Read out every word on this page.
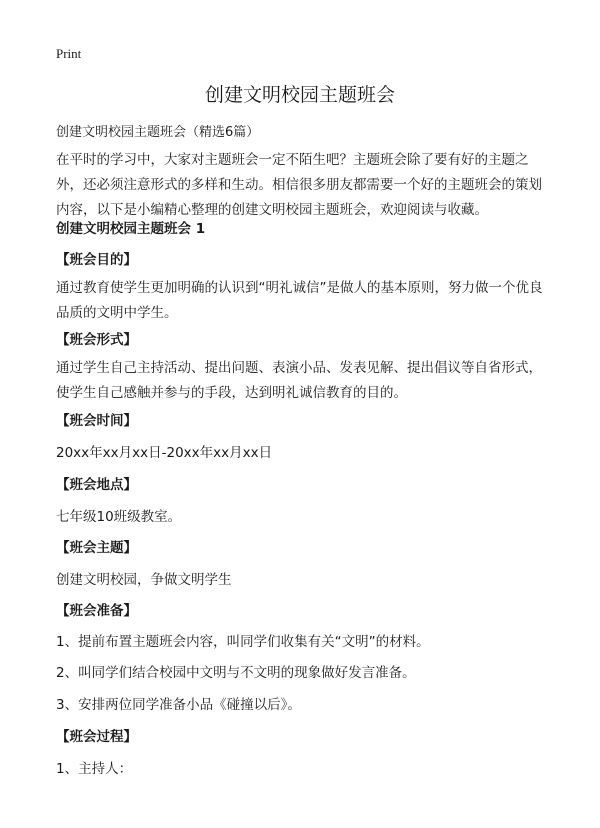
Print
创建文明校园主题班会
创建文明校园主题班会（精选6篇）
在平时的学习中，大家对主题班会一定不陌生吧？主题班会除了要有好的主题之外，还必须注意形式的多样和生动。相信很多朋友都需要一个好的主题班会的策划内容，以下是小编精心整理的创建文明校园主题班会，欢迎阅读与收藏。
创建文明校园主题班会 1
【班会目的】
通过教育使学生更加明确的认识到“明礼诚信”是做人的基本原则，努力做一个优良品质的文明中学生。
【班会形式】
通过学生自己主持活动、提出问题、表演小品、发表见解、提出倡议等自省形式，使学生自己感触并参与的手段，达到明礼诚信教育的目的。
【班会时间】
20xx年xx月xx日-20xx年xx月xx日
【班会地点】
七年级10班级教室。
【班会主题】
创建文明校园，争做文明学生
【班会准备】
1、提前布置主题班会内容，叫同学们收集有关“文明”的材料。
2、叫同学们结合校园中文明与不文明的现象做好发言准备。
3、安排两位同学准备小品《碰撞以后》。
【班会过程】
1、主持人：
